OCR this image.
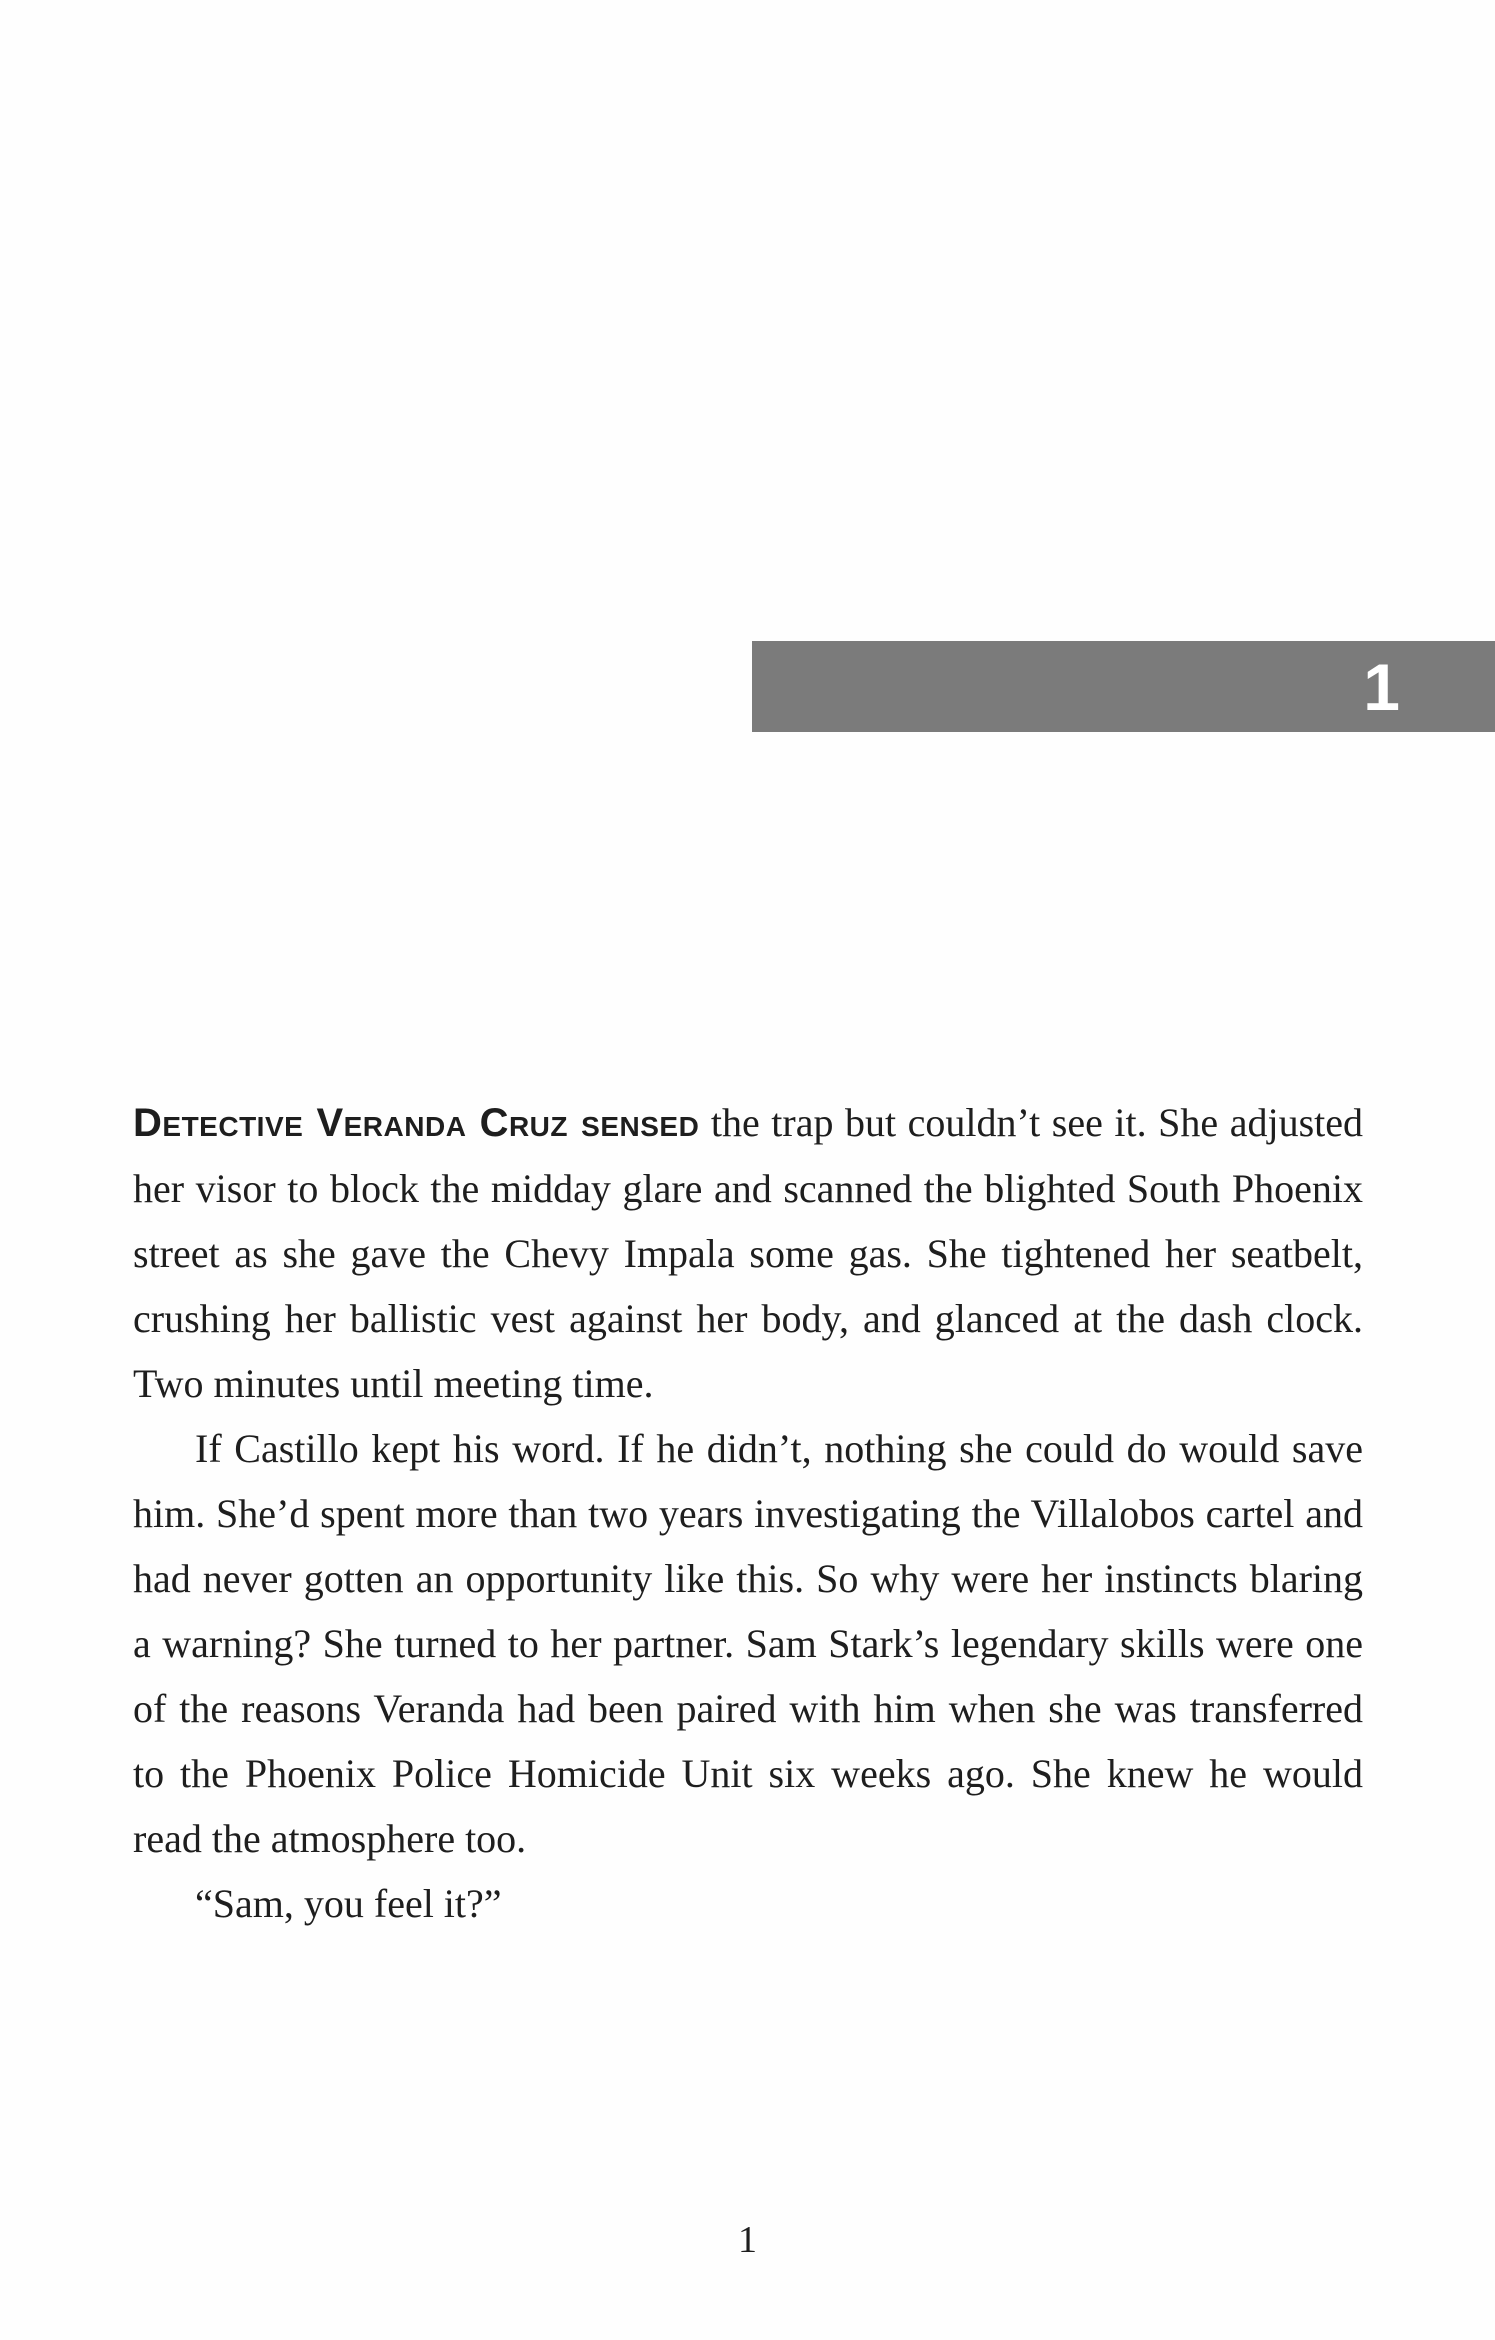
1

Detective Veranda Cruz sensed the trap but couldn’t see it. She adjusted her visor to block the midday glare and scanned the blighted South Phoenix street as she gave the Chevy Impala some gas. She tightened her seatbelt, crushing her ballistic vest against her body, and glanced at the dash clock. Two minutes until meeting time.

If Castillo kept his word. If he didn’t, nothing she could do would save him. She’d spent more than two years investigating the Villalobos cartel and had never gotten an opportunity like this. So why were her instincts blaring a warning? She turned to her partner. Sam Stark’s legendary skills were one of the reasons Veranda had been paired with him when she was transferred to the Phoenix Police Homicide Unit six weeks ago. She knew he would read the atmosphere too.

“Sam, you feel it?”

1
